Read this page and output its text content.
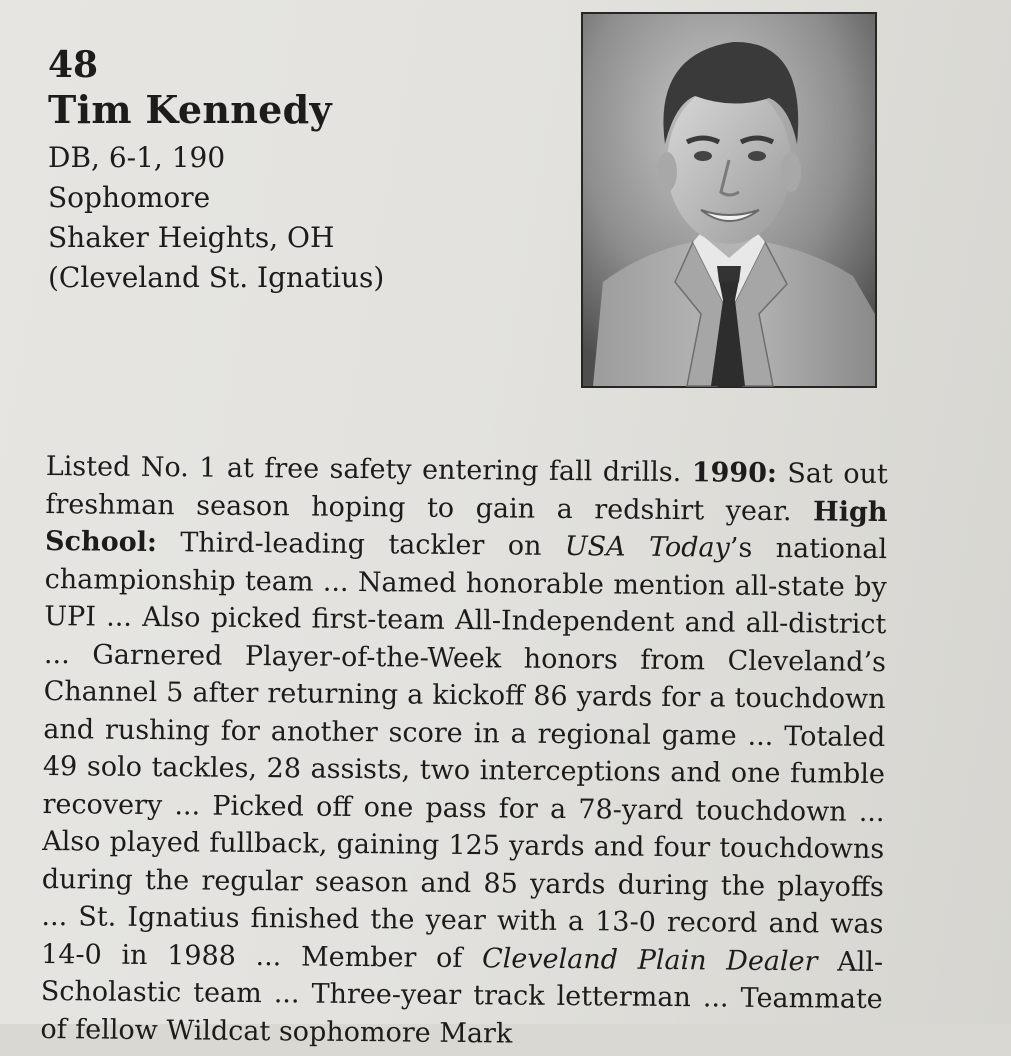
48
Tim Kennedy
DB, 6-1, 190
Sophomore
Shaker Heights, OH
(Cleveland St. Ignatius)
Listed No. 1 at free safety entering fall drills. 1990: Sat out freshman season hoping to gain a redshirt year. High School: Third-leading tackler on USA Today’s national championship team ... Named honorable mention all-state by UPI ... Also picked first-team All-Independent and all-district ... Garnered Player-of-the-Week honors from Cleveland’s Channel 5 after returning a kickoff 86 yards for a touchdown and rushing for another score in a regional game ... Totaled 49 solo tackles, 28 assists, two interceptions and one fumble recovery ... Picked off one pass for a 78-yard touchdown ... Also played fullback, gaining 125 yards and four touchdowns during the regular season and 85 yards during the playoffs ... St. Ignatius finished the year with a 13-0 record and was 14-0 in 1988 ... Member of Cleveland Plain Dealer All-Scholastic team ... Three-year track letterman ... Teammate of fellow Wildcat sophomore Mark
